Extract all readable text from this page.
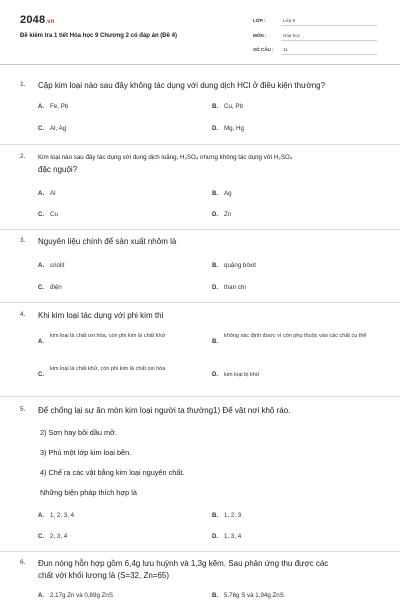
2048.vn
Đề kiểm tra 1 tiết Hóa học 9 Chương 2 có đáp án (Đề 4)
LỚP :	Lớp 9
MÔN :	Hóa học
SỐ CÂU : 11
1. Cặp kim loại nào sau đây không tác dụng với dung dịch HCl ở điều kiện thường?
A. Fe, Pb	B. Cu, Pb
C. Al, Ag	D. Mg, Hg
2. Kim loại nào sau đây tác dụng với dung dịch loãng, H₂SO₄ nhưng không tác dụng với H₂SO₄
đặc nguội?
A. Al	B. Ag
C. Cu	D. Zn
3. Nguyên liệu chính để sản xuất nhôm là
A. criolit	B. quặng bôxit
C. điện	D. than chì
4. Khi kim loại tác dụng với phi kim thì
A.
kim loại là chất oxi hóa, còn phi kim là chất khử
B.
không xác định được vì còn phụ thuộc vào các chất cụ thể
C.
kim loại là chất khử, còn phi kim là chất oxi hóa
D. kim loại bị khử
5. Để chống lại sự ăn mòn kim loại người ta thường1) Để vật nơi khô ráo.
2) Sơn hay bôi dầu mỡ.
3) Phủ một lớp kim loại bền.
4) Chế ra các vật bằng kim loại nguyên chất.
Những biện pháp thích hợp là
A. 1, 2, 3, 4	B. 1, 2, 3
C. 2, 3, 4	D. 1, 3, 4
6. Đun nóng hỗn hợp gồm 6,4g lưu huỳnh và 1,3g kẽm. Sau phản ứng thu được các
chất với khối lượng là (S=32, Zn=65)
A. 2,17g Zn và 0,89g ZnS	B. 5,76g S và 1,94g ZnS
